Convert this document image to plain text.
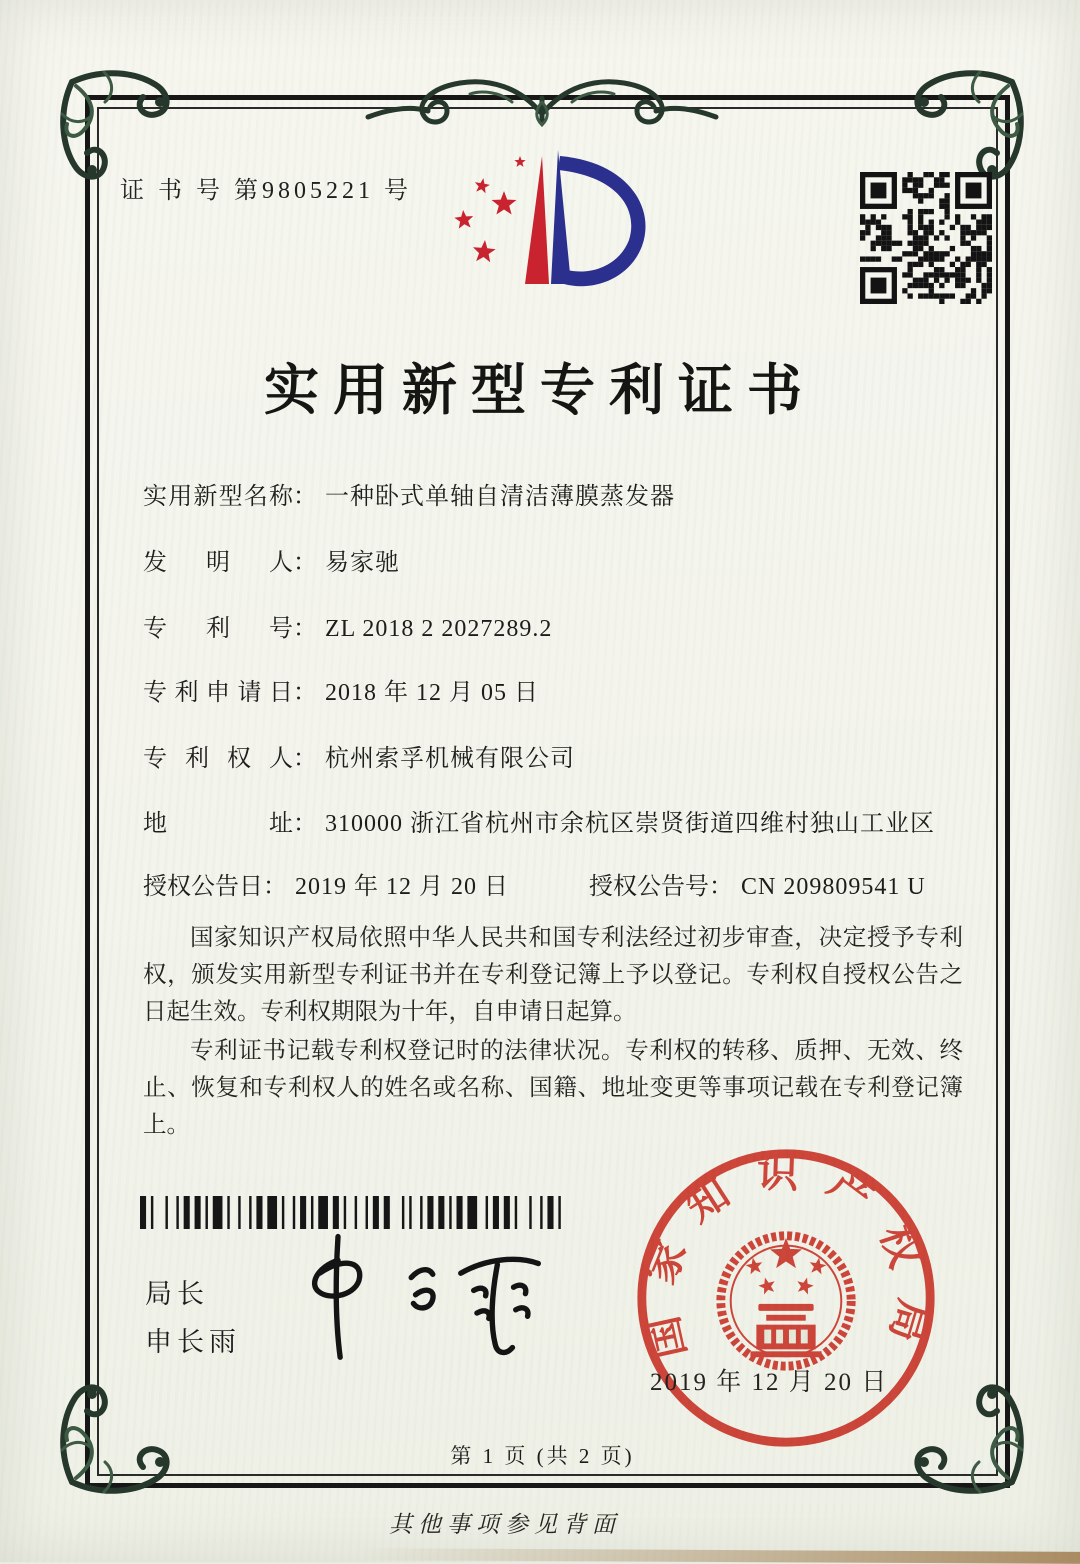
证 书 号 第9805221 号
实用新型专利证书
实用新型名称： 一种卧式单轴自清洁薄膜蒸发器
发明人： 易家驰
专利号： ZL 2018 2 2027289.2
专利申请日： 2018 年 12 月 05 日
专利权人： 杭州索孚机械有限公司
地址： 310000 浙江省杭州市余杭区崇贤街道四维村独山工业区
授权公告日： 2019 年 12 月 20 日	授权公告号： CN 209809541 U

国家知识产权局依照中华人民共和国专利法经过初步审查，决定授予专利权，颁发实用新型专利证书并在专利登记簿上予以登记。专利权自授权公告之日起生效。专利权期限为十年，自申请日起算。

专利证书记载专利权登记时的法律状况。专利权的转移、质押、无效、终止、恢复和专利权人的姓名或名称、国籍、地址变更等事项记载在专利登记簿上。

局长
申长雨	国家知识产权局
2019 年 12 月 20 日
第 1 页 (共 2 页)
其他事项参见背面
